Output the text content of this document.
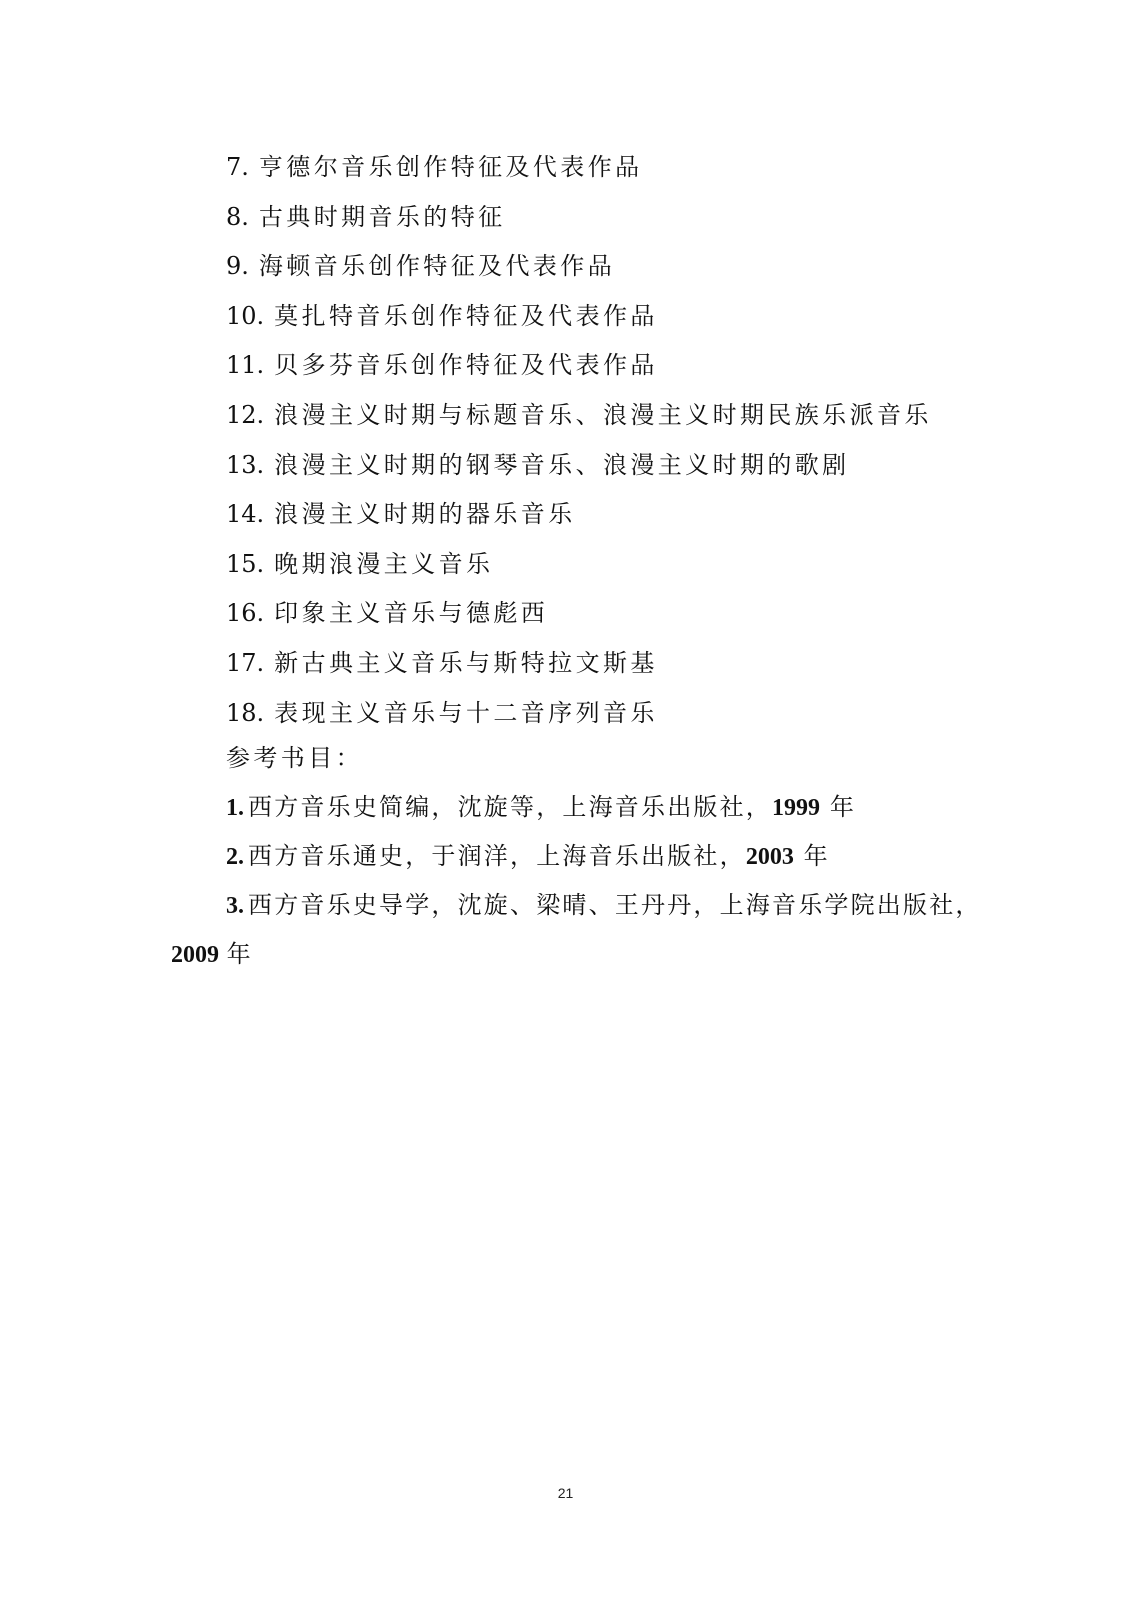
7. 亨德尔音乐创作特征及代表作品
8. 古典时期音乐的特征
9. 海顿音乐创作特征及代表作品
10. 莫扎特音乐创作特征及代表作品
11. 贝多芬音乐创作特征及代表作品
12. 浪漫主义时期与标题音乐、浪漫主义时期民族乐派音乐
13. 浪漫主义时期的钢琴音乐、浪漫主义时期的歌剧
14. 浪漫主义时期的器乐音乐
15. 晚期浪漫主义音乐
16. 印象主义音乐与德彪西
17. 新古典主义音乐与斯特拉文斯基
18. 表现主义音乐与十二音序列音乐
参考书目：
1. 西方音乐史简编，沈旋等，上海音乐出版社，1999 年
2. 西方音乐通史，于润洋，上海音乐出版社，2003 年
3. 西方音乐史导学，沈旋、梁晴、王丹丹，上海音乐学院出版社，
2009 年
21
